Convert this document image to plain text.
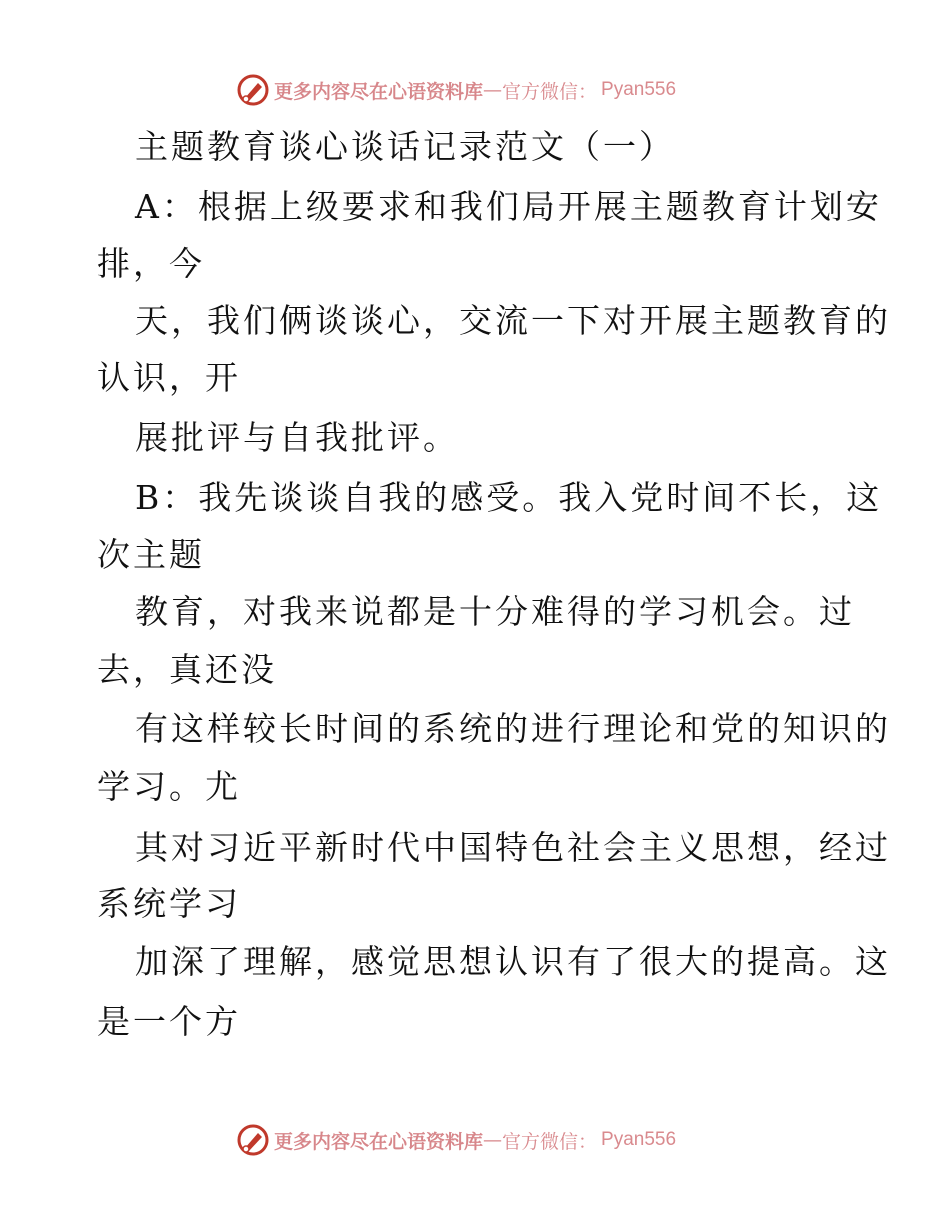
更多内容尽在心语资料库 — 官方微信： Pyan556
主题教育谈心谈话记录范文（一）
A：根据上级要求和我们局开展主题教育计划安
排，今
天，我们俩谈谈心，交流一下对开展主题教育的
认识，开
展批评与自我批评。
B：我先谈谈自我的感受。我入党时间不长，这
次主题
教育，对我来说都是十分难得的学习机会。过
去，真还没
有这样较长时间的系统的进行理论和党的知识的
学习。尤
其对习近平新时代中国特色社会主义思想，经过
系统学习
加深了理解，感觉思想认识有了很大的提高。这
是一个方
更多内容尽在心语资料库 — 官方微信： Pyan556
